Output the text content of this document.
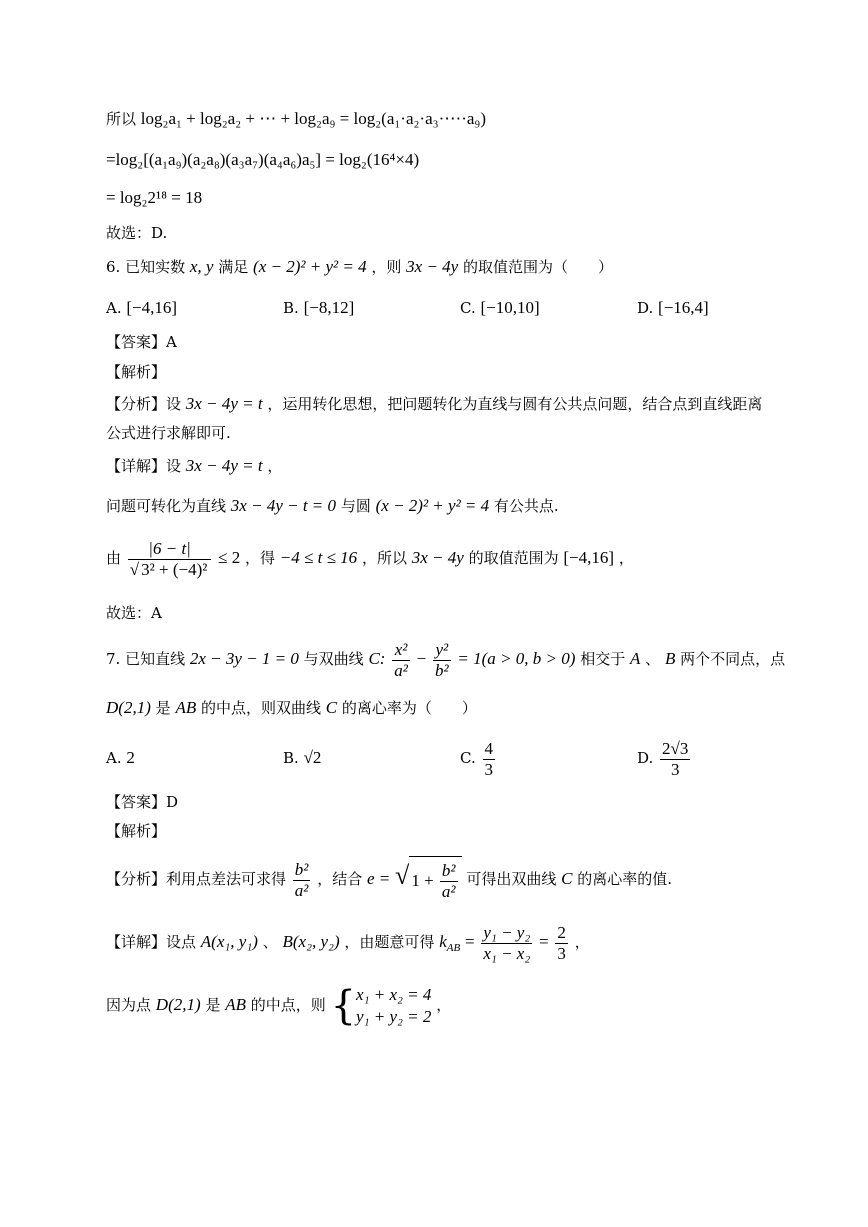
所以 log₂a₁ + log₂a₂ + ⋯ + log₂a₉ = log₂(a₁·a₂·a₃·⋯·a₉)
=log₂[(a₁a₉)(a₂a₈)(a₃a₇)(a₄a₆)a₅] = log₂(16⁴×4)
= log₂2¹⁸ = 18
故选：D.
6. 已知实数 x, y 满足 (x − 2)² + y² = 4 ，则 3x − 4y 的取值范围为（　　）
A. [−4,16]	B. [−8,12]	C. [−10,10]	D. [−16,4]
【答案】A
【解析】
【分析】设 3x − 4y = t ，运用转化思想，把问题转化为直线与圆有公共点问题，结合点到直线距离
公式进行求解即可.
【详解】设 3x − 4y = t ，
问题可转化为直线 3x − 4y − t = 0 与圆 (x − 2)² + y² = 4 有公共点.
由 $\frac{|6 - t|}{\text{√ 3² + (−4)²}} \le 2$ ，得 −4 ≤ t ≤ 16 ，所以 3x − 4y 的取值范围为 [−4,16] ，
故选：A
7. 已知直线 2x − 3y − 1 = 0 与双曲线 C: $\frac{\text{x²}}{\text{a²}} - \frac{\text{y²}}{\text{b²}} = 1(a > 0$, b > 0) 相交于 A 、 B 两个不同点，点
D(2,1) 是 AB 的中点，则双曲线 C 的离心率为（　　）
A. 2	B. √2	C. $\frac{4}{3}$	D. $\frac{2√3}{3}$
【答案】D
【解析】
【分析】利用点差法可求得 $\frac{\text{b²}}{\text{a²}}$ ，结合 e = √ $1 + \frac{\text{b²}}{\text{a²}}$ 可得出双曲线 C 的离心率的值.
【详解】设点 A(x₁, y₁) 、 B(x₂, y₂) ，由题意可得 $k_{AB} = \frac{\text{y₁ − y₂}}{\text{x₁ − x₂}} = \frac{2}{3}$ ，
因为点 D(2,1) 是 AB 的中点，则 { x₁ + x₂ = 4
y₁ + y₂ = 2
，
